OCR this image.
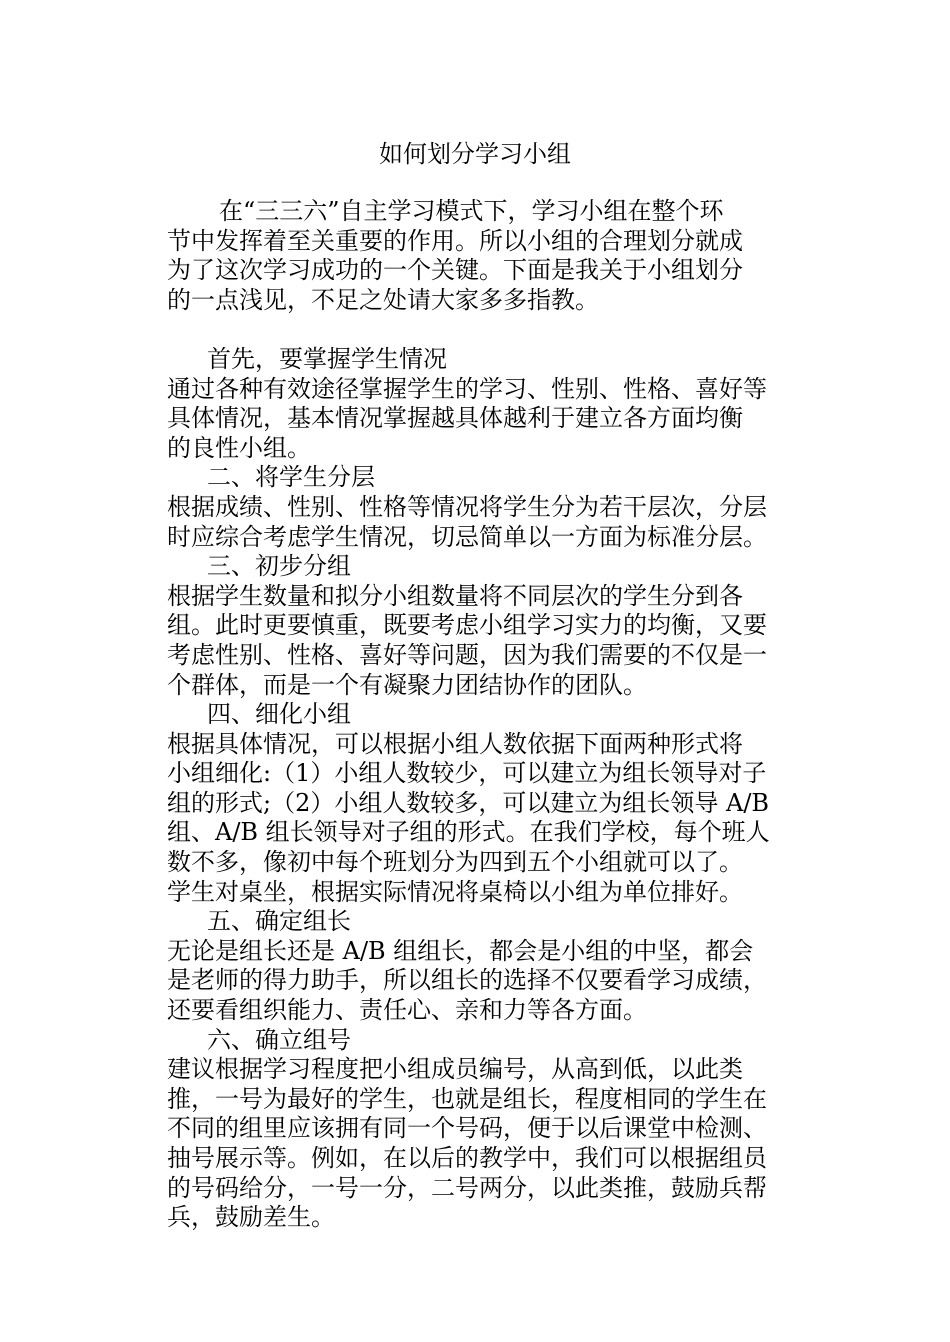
如何划分学习小组
在“三三六”自主学习模式下，学习小组在整个环
节中发挥着至关重要的作用。所以小组的合理划分就成
为了这次学习成功的一个关键。下面是我关于小组划分
的一点浅见，不足之处请大家多多指教。
首先，要掌握学生情况
通过各种有效途径掌握学生的学习、性别、性格、喜好等
具体情况，基本情况掌握越具体越利于建立各方面均衡
的良性小组。
二、将学生分层
根据成绩、性别、性格等情况将学生分为若干层次，分层
时应综合考虑学生情况，切忌简单以一方面为标准分层。
三、初步分组
根据学生数量和拟分小组数量将不同层次的学生分到各
组。此时更要慎重，既要考虑小组学习实力的均衡，又要
考虑性别、性格、喜好等问题，因为我们需要的不仅是一
个群体，而是一个有凝聚力团结协作的团队。
四、细化小组
根据具体情况，可以根据小组人数依据下面两种形式将
小组细化:（1）小组人数较少，可以建立为组长领导对子
组的形式;（2）小组人数较多，可以建立为组长领导 A/B
组、A/B 组长领导对子组的形式。在我们学校，每个班人
数不多，像初中每个班划分为四到五个小组就可以了。
学生对桌坐，根据实际情况将桌椅以小组为单位排好。
五、确定组长
无论是组长还是 A/B 组组长，都会是小组的中坚，都会
是老师的得力助手，所以组长的选择不仅要看学习成绩，
还要看组织能力、责任心、亲和力等各方面。
六、确立组号
建议根据学习程度把小组成员编号，从高到低，以此类
推，一号为最好的学生，也就是组长，程度相同的学生在
不同的组里应该拥有同一个号码，便于以后课堂中检测、
抽号展示等。例如，在以后的教学中，我们可以根据组员
的号码给分，一号一分，二号两分，以此类推，鼓励兵帮
兵，鼓励差生。
